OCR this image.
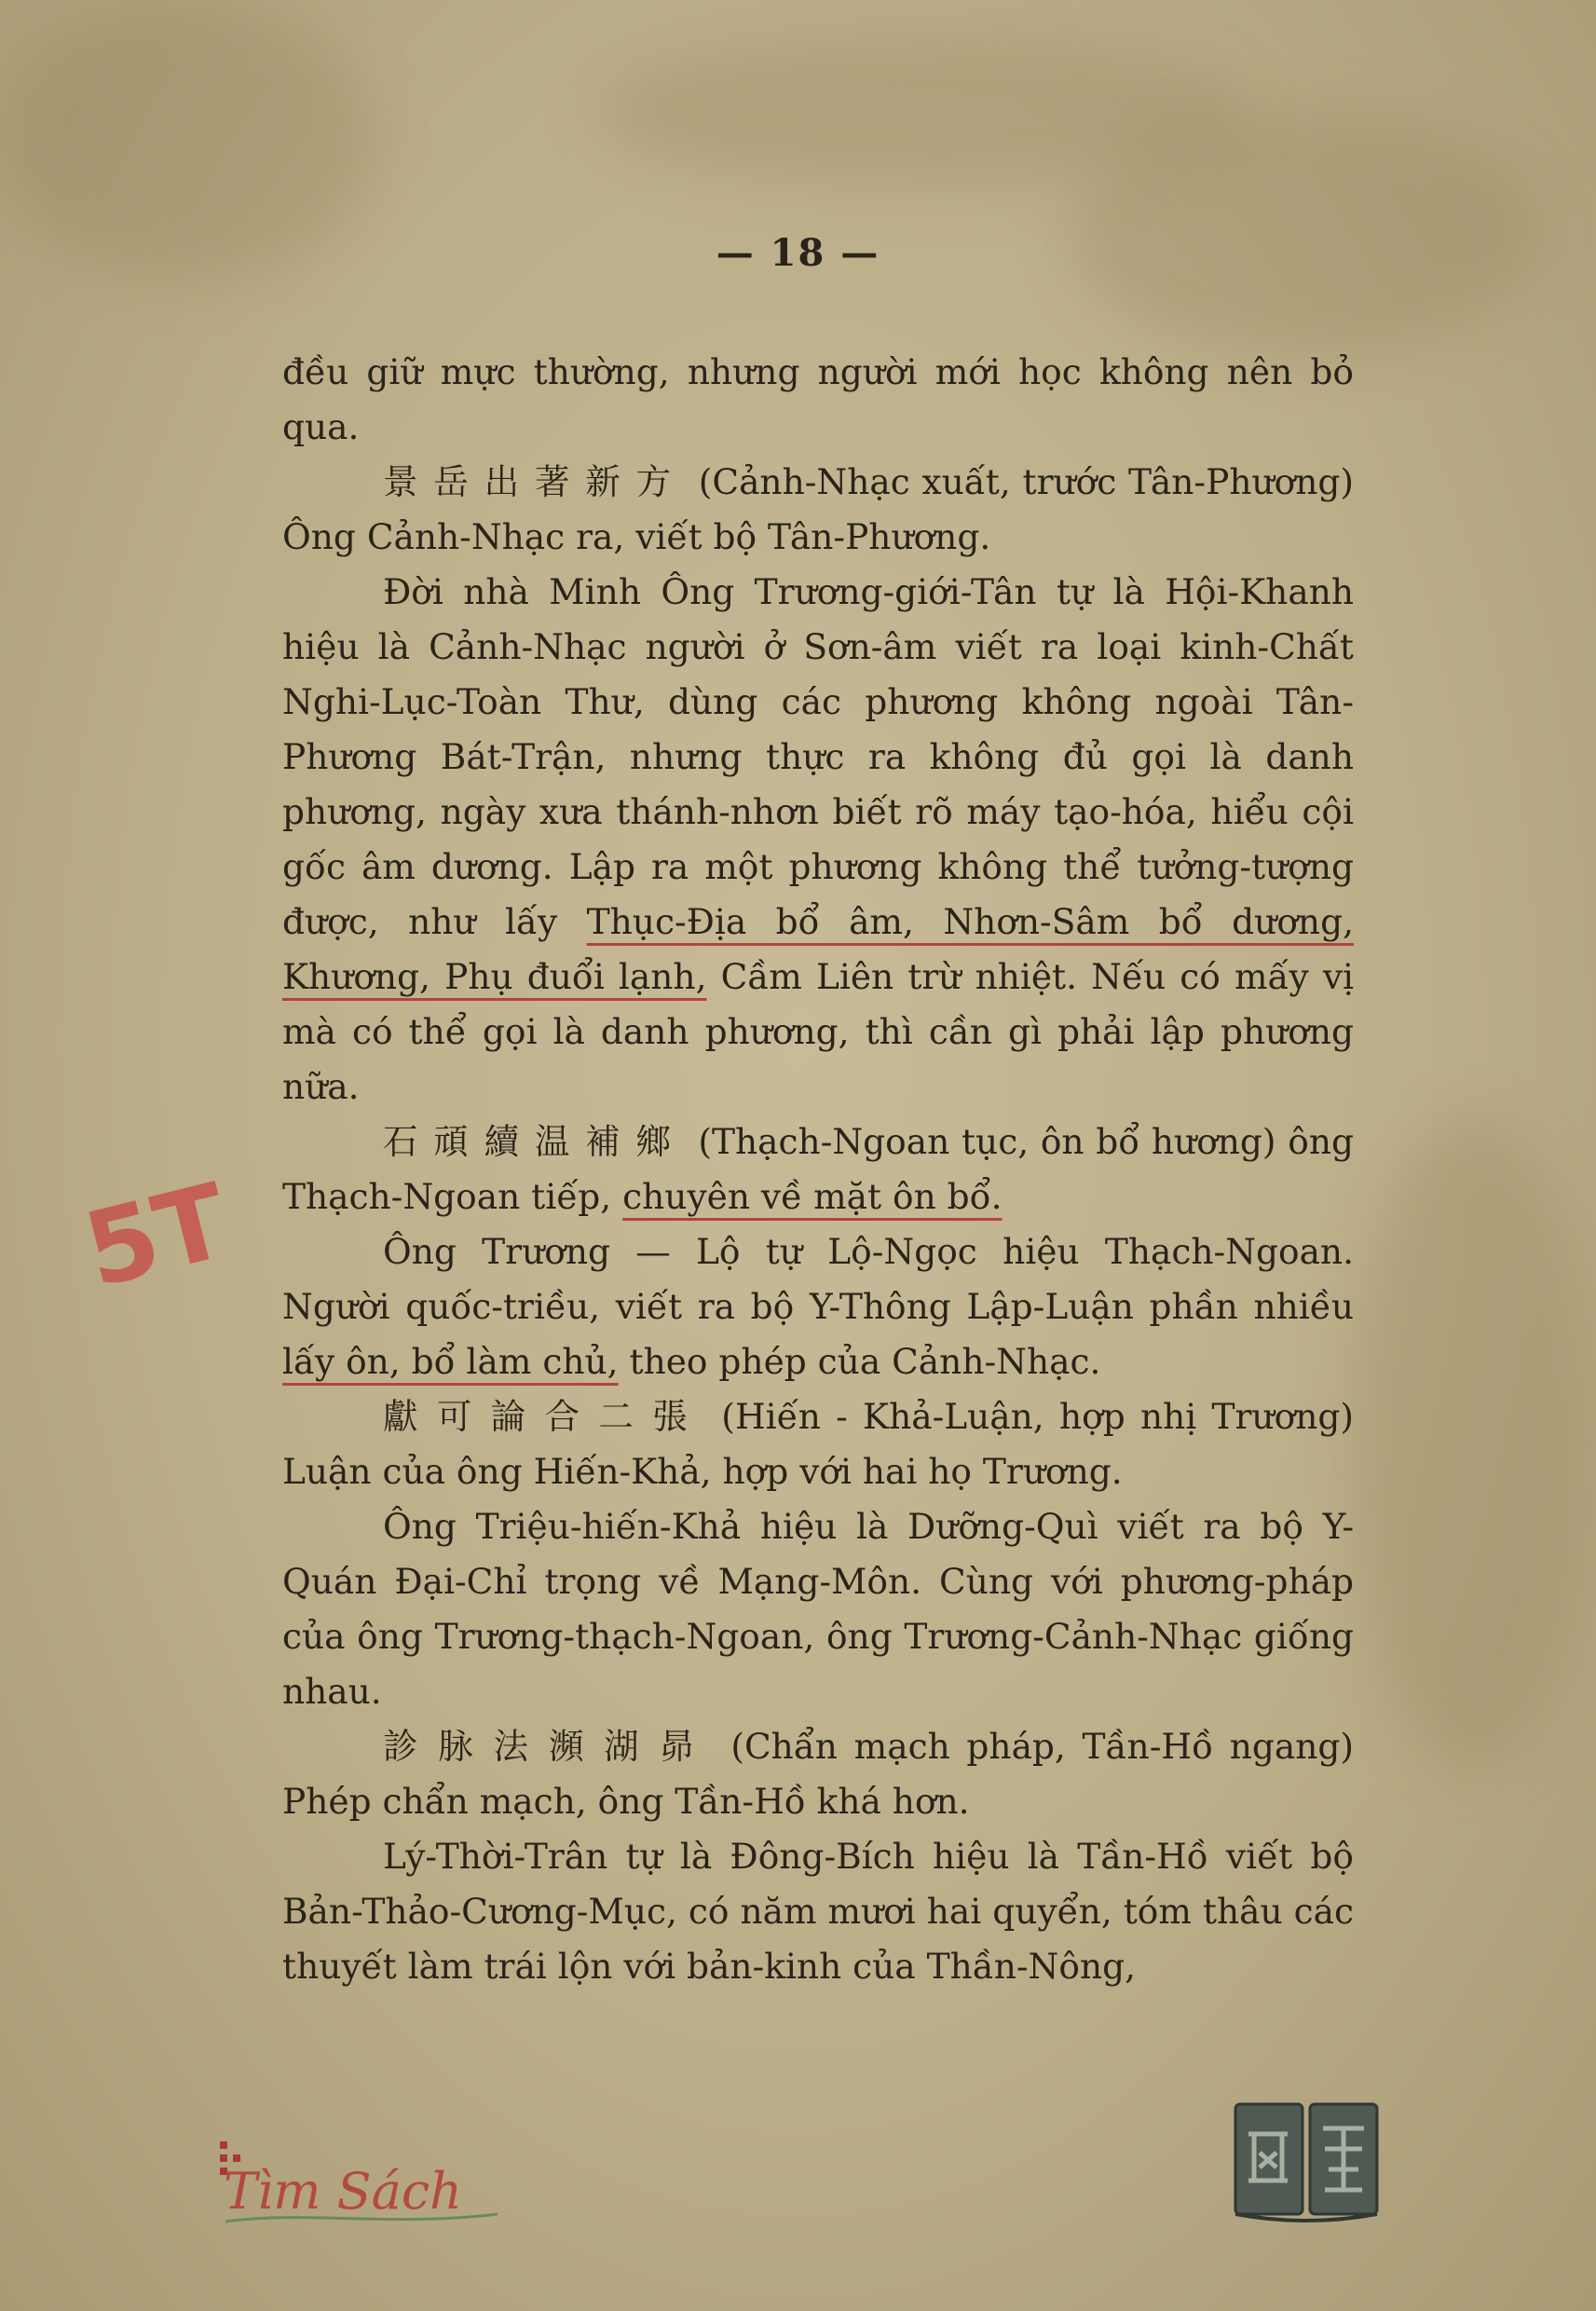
— 18 —

đều giữ mực thường, nhưng người mới học không nên bỏ qua.

景岳出著新方 (Cảnh-Nhạc xuất, trước Tân-Phương) Ông Cảnh-Nhạc ra, viết bộ Tân-Phương.

Đời nhà Minh Ông Trương-giới-Tân tự là Hội-Khanh hiệu là Cảnh-Nhạc người ở Sơn-âm viết ra loại kinh-Chất Nghi-Lục-Toàn Thư, dùng các phương không ngoài Tân-Phương Bát-Trận, nhưng thực ra không đủ gọi là danh phương, ngày xưa thánh-nhơn biết rõ máy tạo-hóa, hiểu cội gốc âm dương. Lập ra một phương không thể tưởng-tượng được, như lấy Thục-Địa bổ âm, Nhơn-Sâm bổ dương, Khương, Phụ đuổi lạnh, Cầm Liên trừ nhiệt. Nếu có mấy vị mà có thể gọi là danh phương, thì cần gì phải lập phương nữa.

石頑續温補鄉 (Thạch-Ngoan tục, ôn bổ hương) ông Thạch-Ngoan tiếp, chuyên về mặt ôn bổ.

Ông Trương — Lộ tự Lộ-Ngọc hiệu Thạch-Ngoan. Người quốc-triều, viết ra bộ Y-Thông Lập-Luận phần nhiều lấy ôn, bổ làm chủ, theo phép của Cảnh-Nhạc.

獻可論合二張 (Hiến - Khả-Luận, hợp nhị Trương) Luận của ông Hiến-Khả, hợp với hai họ Trương.

Ông Triệu-hiến-Khả hiệu là Dưỡng-Quì viết ra bộ Y-Quán Đại-Chỉ trọng về Mạng-Môn. Cùng với phương-pháp của ông Trương-thạch-Ngoan, ông Trương-Cảnh-Nhạc giống nhau.

診脉法瀕湖昴 (Chẩn mạch pháp, Tần-Hồ ngang) Phép chẩn mạch, ông Tần-Hồ khá hơn.

Lý-Thời-Trân tự là Đông-Bích hiệu là Tần-Hồ viết bộ Bản-Thảo-Cương-Mục, có năm mươi hai quyển, tóm thâu các thuyết làm trái lộn với bản-kinh của Thần-Nông,

5T
Tìm Sách
